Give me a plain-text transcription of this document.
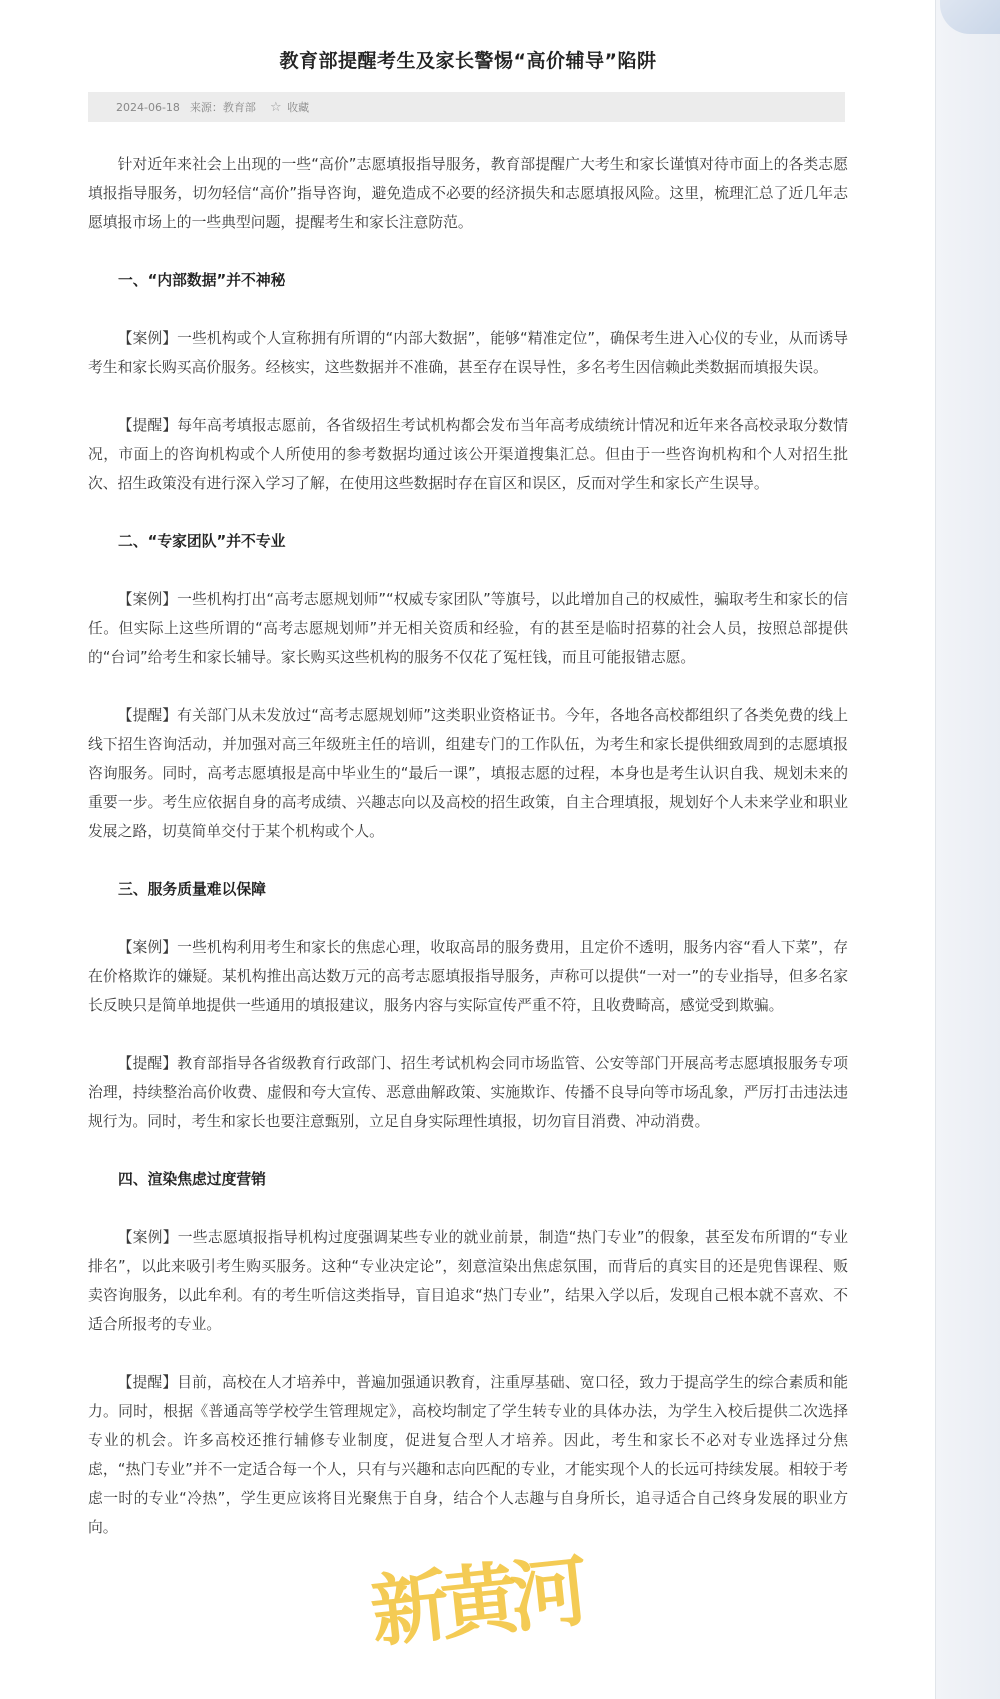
教育部提醒考生及家长警惕“高价辅导”陷阱
2024-06-18 来源：教育部 ☆ 收藏

针对近年来社会上出现的一些“高价”志愿填报指导服务，教育部提醒广大考生和家长谨慎对待市面上的各类志愿填报指导服务，切勿轻信“高价”指导咨询，避免造成不必要的经济损失和志愿填报风险。这里，梳理汇总了近几年志愿填报市场上的一些典型问题，提醒考生和家长注意防范。

一、“内部数据”并不神秘

【案例】一些机构或个人宣称拥有所谓的“内部大数据”，能够“精准定位”，确保考生进入心仪的专业，从而诱导考生和家长购买高价服务。经核实，这些数据并不准确，甚至存在误导性，多名考生因信赖此类数据而填报失误。

【提醒】每年高考填报志愿前，各省级招生考试机构都会发布当年高考成绩统计情况和近年来各高校录取分数情况，市面上的咨询机构或个人所使用的参考数据均通过该公开渠道搜集汇总。但由于一些咨询机构和个人对招生批次、招生政策没有进行深入学习了解，在使用这些数据时存在盲区和误区，反而对学生和家长产生误导。

二、“专家团队”并不专业

【案例】一些机构打出“高考志愿规划师”“权威专家团队”等旗号，以此增加自己的权威性，骗取考生和家长的信任。但实际上这些所谓的“高考志愿规划师”并无相关资质和经验，有的甚至是临时招募的社会人员，按照总部提供的“台词”给考生和家长辅导。家长购买这些机构的服务不仅花了冤枉钱，而且可能报错志愿。

【提醒】有关部门从未发放过“高考志愿规划师”这类职业资格证书。今年，各地各高校都组织了各类免费的线上线下招生咨询活动，并加强对高三年级班主任的培训，组建专门的工作队伍，为考生和家长提供细致周到的志愿填报咨询服务。同时，高考志愿填报是高中毕业生的“最后一课”，填报志愿的过程，本身也是考生认识自我、规划未来的重要一步。考生应依据自身的高考成绩、兴趣志向以及高校的招生政策，自主合理填报，规划好个人未来学业和职业发展之路，切莫简单交付于某个机构或个人。

三、服务质量难以保障

【案例】一些机构利用考生和家长的焦虑心理，收取高昂的服务费用，且定价不透明，服务内容“看人下菜”，存在价格欺诈的嫌疑。某机构推出高达数万元的高考志愿填报指导服务，声称可以提供“一对一”的专业指导，但多名家长反映只是简单地提供一些通用的填报建议，服务内容与实际宣传严重不符，且收费畸高，感觉受到欺骗。

【提醒】教育部指导各省级教育行政部门、招生考试机构会同市场监管、公安等部门开展高考志愿填报服务专项治理，持续整治高价收费、虚假和夸大宣传、恶意曲解政策、实施欺诈、传播不良导向等市场乱象，严厉打击违法违规行为。同时，考生和家长也要注意甄别，立足自身实际理性填报，切勿盲目消费、冲动消费。

四、渲染焦虑过度营销

【案例】一些志愿填报指导机构过度强调某些专业的就业前景，制造“热门专业”的假象，甚至发布所谓的“专业排名”，以此来吸引考生购买服务。这种“专业决定论”，刻意渲染出焦虑氛围，而背后的真实目的还是兜售课程、贩卖咨询服务，以此牟利。有的考生听信这类指导，盲目追求“热门专业”，结果入学以后，发现自己根本就不喜欢、不适合所报考的专业。

【提醒】目前，高校在人才培养中，普遍加强通识教育，注重厚基础、宽口径，致力于提高学生的综合素质和能力。同时，根据《普通高等学校学生管理规定》，高校均制定了学生转专业的具体办法，为学生入校后提供二次选择专业的机会。许多高校还推行辅修专业制度，促进复合型人才培养。因此，考生和家长不必对专业选择过分焦虑，“热门专业”并不一定适合每一个人，只有与兴趣和志向匹配的专业，才能实现个人的长远可持续发展。相较于考虑一时的专业“冷热”，学生更应该将目光聚焦于自身，结合个人志趣与自身所长，追寻适合自己终身发展的职业方向。

新黄河
